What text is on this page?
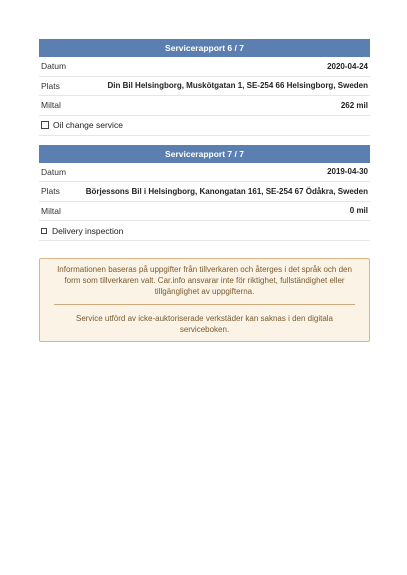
Servicerapport 6 / 7
Datum	2020-04-24
Plats	Din Bil Helsingborg, Muskötgatan 1, SE-254 66 Helsingborg, Sweden
Miltal	262 mil
Oil change service
Servicerapport 7 / 7
Datum	2019-04-30
Plats	Börjessons Bil i Helsingborg, Kanongatan 161, SE-254 67 Ödåkra, Sweden
Miltal	0 mil
Delivery inspection

Informationen baseras på uppgifter från tillverkaren och återges i det språk och den form som tillverkaren valt. Car.info ansvarar inte för riktighet, fullständighet eller tillgänglighet av uppgifterna.

Service utförd av icke-auktoriserade verkstäder kan saknas i den digitala serviceboken.
